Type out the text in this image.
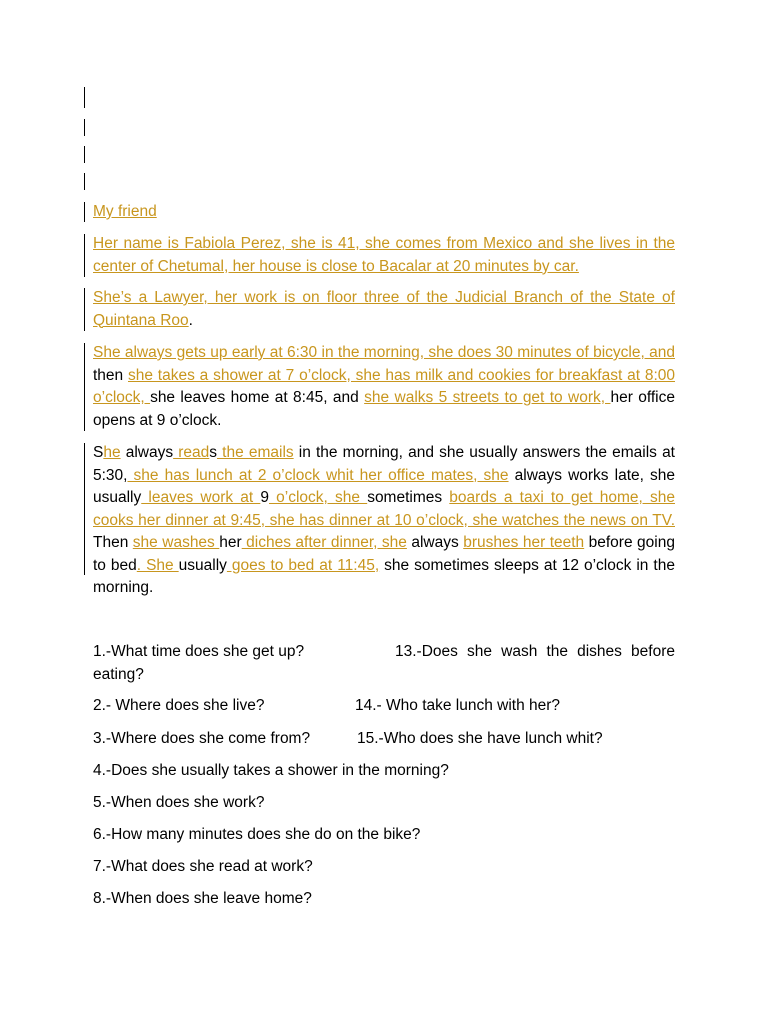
My friend

Her name is Fabiola Perez, she is 41, she comes from Mexico and she lives in the center of Chetumal, her house is close to Bacalar at 20 minutes by car.

She’s a Lawyer, her work is on floor three of the Judicial Branch of the State of Quintana Roo.

She always gets up early at 6:30 in the morning, she does 30 minutes of bicycle, and then she takes a shower at 7 o’clock, she has milk and cookies for breakfast at 8:00 o’clock, she leaves home at 8:45, and she walks 5 streets to get to work, her office opens at 9 o’clock.

She always reads the emails in the morning, and she usually answers the emails at 5:30, she has lunch at 2 o’clock whit her office mates, she always works late, she usually leaves work at 9 o’clock, she sometimes boards a taxi to get home, she cooks her dinner at 9:45, she has dinner at 10 o’clock, she watches the news on TV. Then she washes her diches after dinner, she always brushes her teeth before going to bed. She usually goes to bed at 11:45, she sometimes sleeps at 12 o’clock in the morning.

1.-What time does she get up?	13.-Does she wash the dishes before eating?

2.- Where does she live?	14.- Who take lunch with her?

3.-Where does she come from?	15.-Who does she have lunch whit?

4.-Does she usually takes a shower in the morning?

5.-When does she work?

6.-How many minutes does she do on the bike?

7.-What does she read at work?

8.-When does she leave home?
